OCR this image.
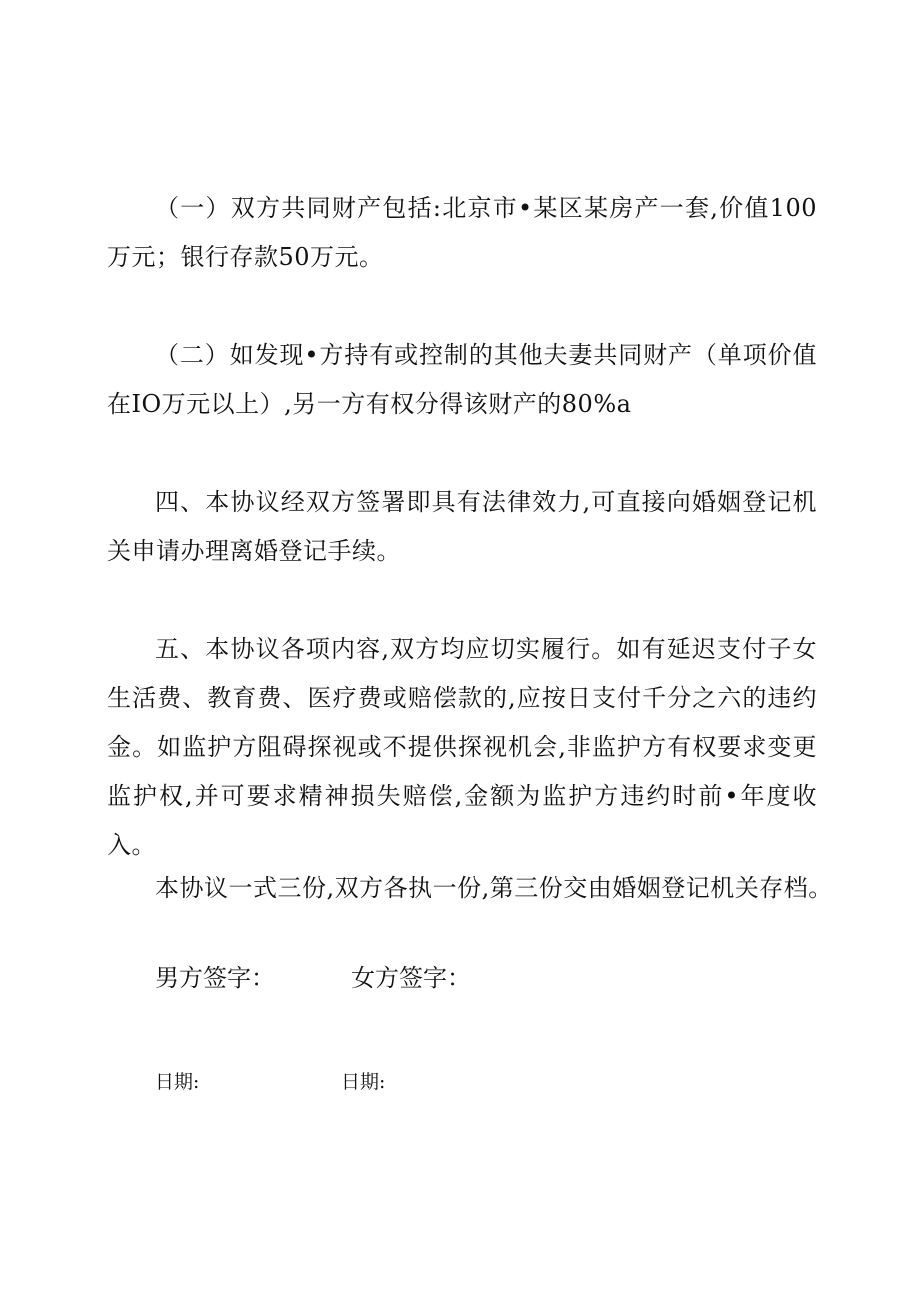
（一）双方共同财产包括:北京市•某区某房产一套,价值100万元；银行存款50万元。

（二）如发现•方持有或控制的其他夫妻共同财产（单项价值在IO万元以上）,另一方有权分得该财产的80%a

四、本协议经双方签署即具有法律效力,可直接向婚姻登记机关申请办理离婚登记手续。

五、本协议各项内容,双方均应切实履行。如有延迟支付子女生活费、教育费、医疗费或赔偿款的,应按日支付千分之六的违约金。如监护方阻碍探视或不提供探视机会,非监护方有权要求变更监护权,并可要求精神损失赔偿,金额为监护方违约时前•年度收入。

本协议一式三份,双方各执一份,第三份交由婚姻登记机关存档。

男方签字：	女方签字：

日期:	日期:
